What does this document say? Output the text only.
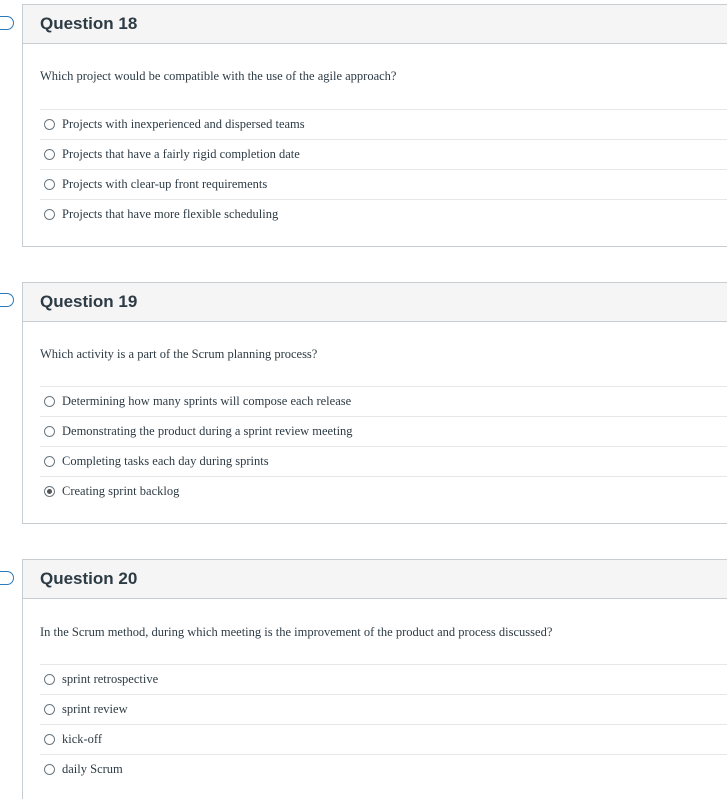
Question 18
Which project would be compatible with the use of the agile approach?
Projects with inexperienced and dispersed teams
Projects that have a fairly rigid completion date
Projects with clear-up front requirements
Projects that have more flexible scheduling
Question 19
Which activity is a part of the Scrum planning process?
Determining how many sprints will compose each release
Demonstrating the product during a sprint review meeting
Completing tasks each day during sprints
Creating sprint backlog
Question 20
In the Scrum method, during which meeting is the improvement of the product and process discussed?
sprint retrospective
sprint review
kick-off
daily Scrum
